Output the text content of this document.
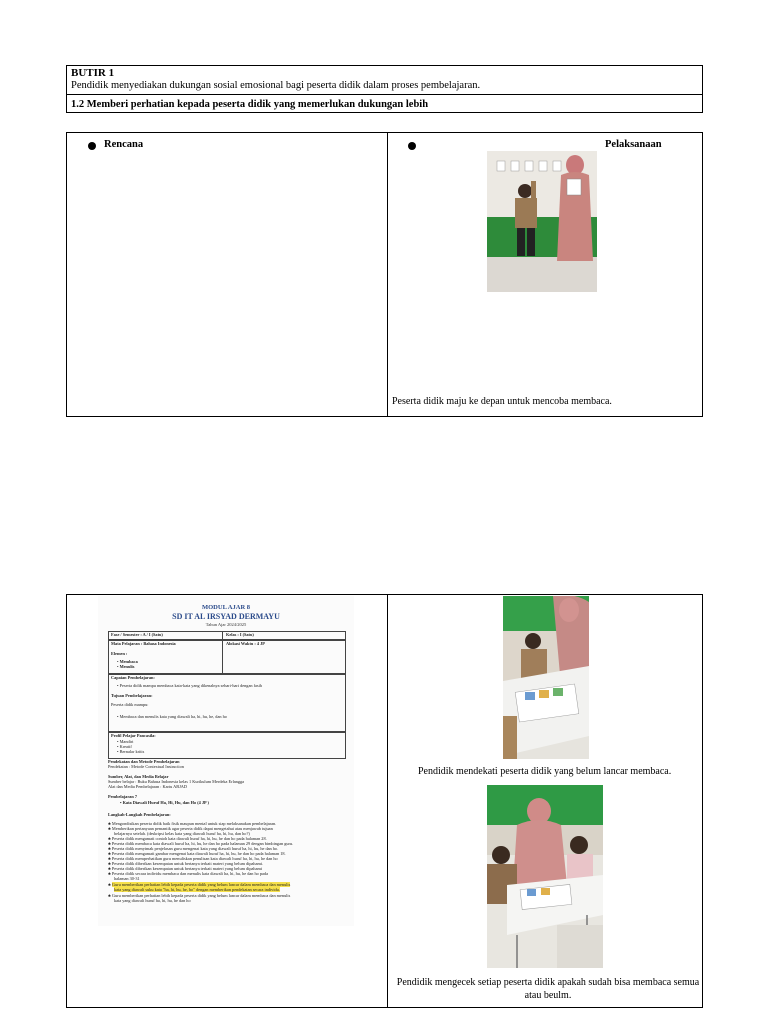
BUTIR 1
Pendidik menyediakan dukungan sosial emosional bagi peserta didik dalam proses pembelajaran.
1.2 Memberi perhatian kepada peserta didik yang memerlukan dukungan lebih
Rencana	Pelaksanaan
Peserta didik maju ke depan untuk mencoba membaca.
Pendidik mendekati peserta didik yang belum lancar membaca.
Pendidik mengecek setiap peserta didik apakah sudah bisa membaca semua atau beulm.
MODUL AJAR 8
SD IT AL IRSYAD DERMAYU
Tahun Ajar 2024/2025
Fase / Semester : A / I (Satu)	Kelas : I (Satu)
Mata Pelajaran : Bahasa Indonesia	Alokasi Waktu : 4 JP
Elemen :
• Membaca
• Menulis
Capaian Pembelajaran:
• Peserta didik mampu membaca kata-kata yang dikenalnya sehari-hari dengan fasih
Tujuan Pembelajaran:
Peserta didik mampu:
• Membaca dan menulis kata yang diawali ha, hi, hu, he, dan ho
Profil Pelajar Pancasila:
• Mandiri
• Kreatif
• Bernalar kritis
Pendekatan dan Metode Pembelajaran
Pendekatan : Metode Contextual Instruction
Sumber, Alat, dan Media Belajar
Sumber belajar : Buku Bahasa Indonesia kelas 1 Kurikulum Merdeka Erlangga
Alat dan Media Pembelajaran : Kartu ABJAD
Pembelajaran 7
• Kata Diawali Huruf Ha, Hi, Hu, dan Ho (4 JP )
Langkah-Langkah Pembelajaran:
♣ Mengondisikan peserta didik baik fisik maupun mental untuk siap melaksanakan pembelajaran.
♣ Memberikan pertanyaan pemantik agar peserta didik dapat mengetahui atau menjawab tujuan
belajarnya setelah. (deskripsi kelas kata yang diawali huruf ha, hi, hu, dan ho?)
♣ Peserta didik mengamati contoh kata diawali huruf ha, hi, hu, he dan ho pada halaman 28.
♣ Peserta didik membaca kata diawali huruf ha, hi, hu, he dan ho pada halaman 29 dengan bimbingan guru.
♣ Peserta didik menyimak penjelasan guru mengenai kata yang diawali huruf ha, hi, hu, he dan ho.
♣ Peserta didik mengamati gambar mengenai kata diawali huruf ha, hi, hu, he dan ho pada halaman 18.
♣ Peserta didik memperhatikan guru menuliskan penulisan kata diawali huruf ha, hi, hu, he dan ho
♣ Peserta didik diberikan kesempatan untuk bertanya terkait materi yang belum dipahami.
♣ Peserta didik diberikan kesempatan untuk bertanya terkait materi yang belum dipahami
♣ Peserta didik secara individu membaca dan menulis kata diawali ha, hi, hu, he dan ho pada
halaman 30-31
♣ Guru memberikan perhatian lebih kepada peserta didik yang belum lancar dalam membaca dan menulis
kata yang diawali suku kata "ha, hi, hu, he, ho" dengan memberikan pendekatan secara individu.
♣ Guru memberikan perhatian lebih kepada peserta didik yang belum lancar dalam membaca dan menulis
kata yang diawali huruf ha, hi, hu, he dan ho
